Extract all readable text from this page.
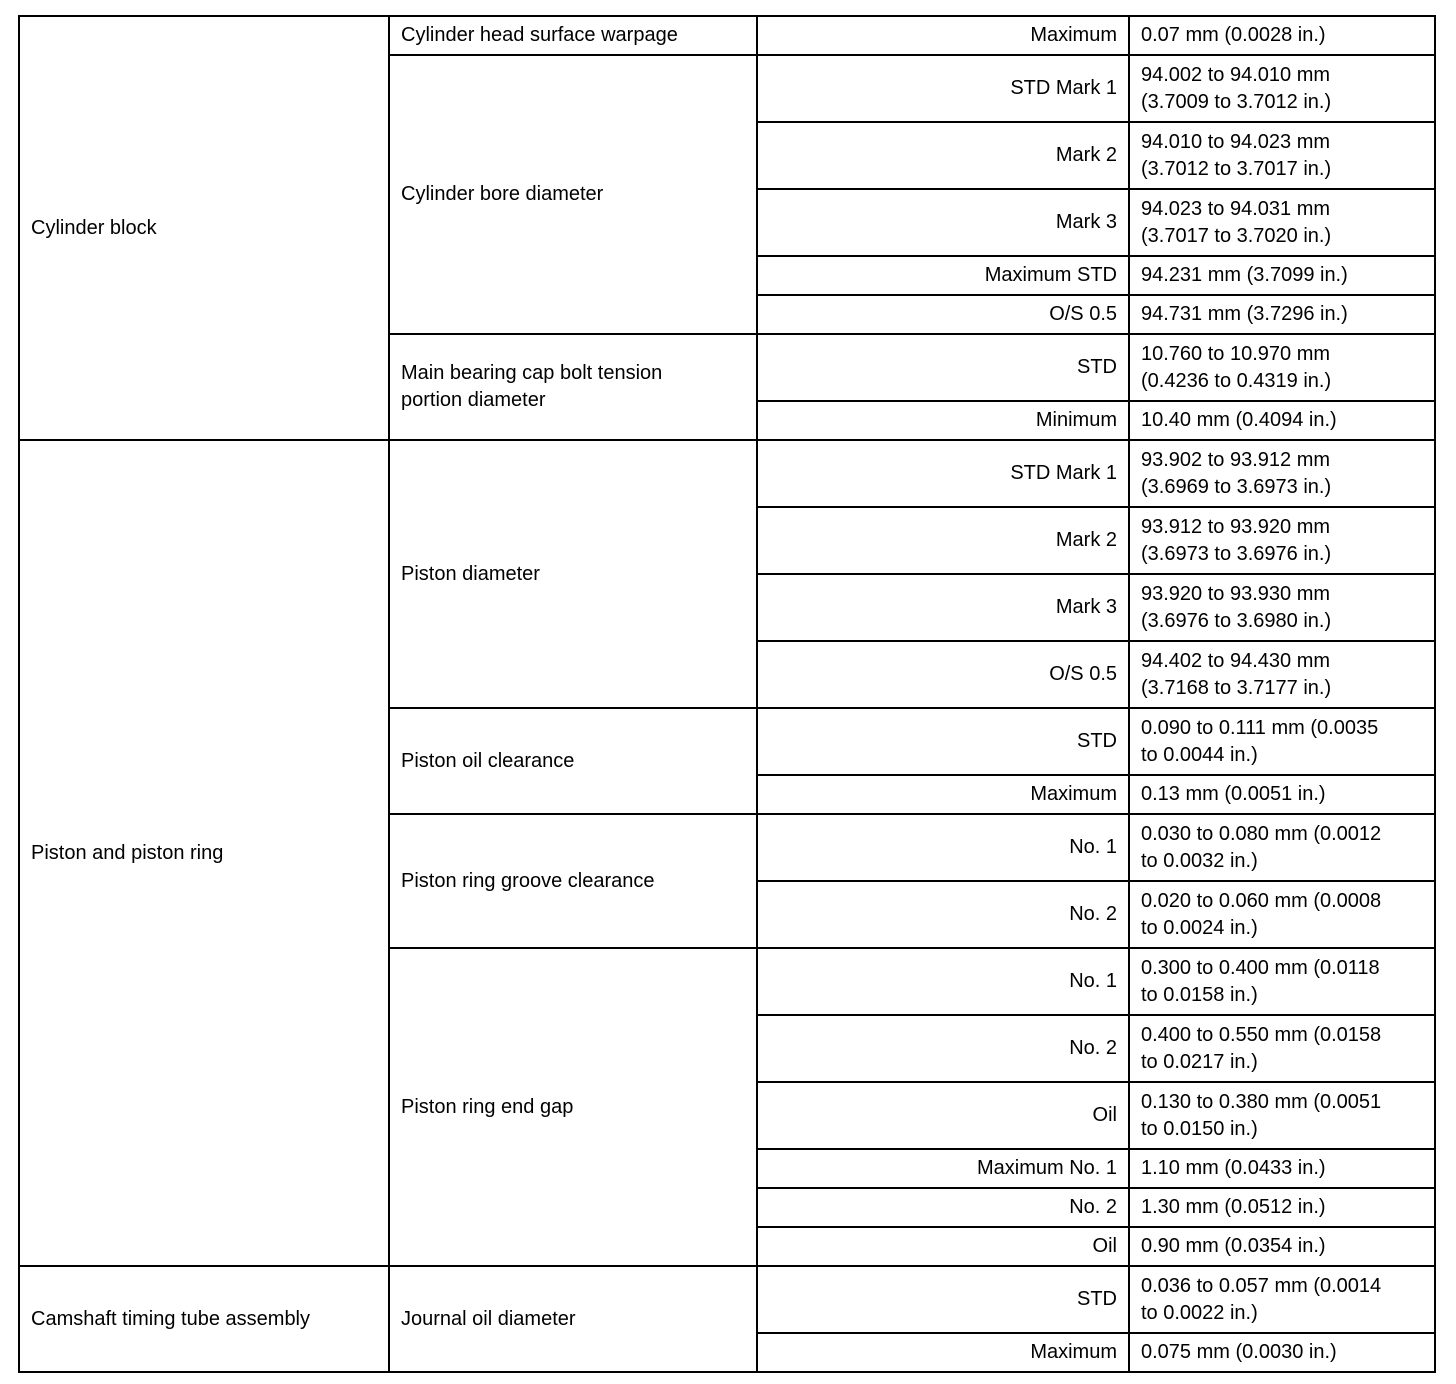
Cylinder block	Cylinder head surface warpage	Maximum	0.07 mm (0.0028 in.)
	Cylinder bore diameter	STD Mark 1	94.002 to 94.010 mm
(3.7009 to 3.7012 in.)
		Mark 2	94.010 to 94.023 mm
(3.7012 to 3.7017 in.)
		Mark 3	94.023 to 94.031 mm
(3.7017 to 3.7020 in.)
		Maximum STD	94.231 mm (3.7099 in.)
		O/S 0.5	94.731 mm (3.7296 in.)
	Main bearing cap bolt tension
portion diameter	STD	10.760 to 10.970 mm
(0.4236 to 0.4319 in.)
		Minimum	10.40 mm (0.4094 in.)
Piston and piston ring	Piston diameter	STD Mark 1	93.902 to 93.912 mm
(3.6969 to 3.6973 in.)
		Mark 2	93.912 to 93.920 mm
(3.6973 to 3.6976 in.)
		Mark 3	93.920 to 93.930 mm
(3.6976 to 3.6980 in.)
		O/S 0.5	94.402 to 94.430 mm
(3.7168 to 3.7177 in.)
	Piston oil clearance	STD	0.090 to 0.111 mm (0.0035
to 0.0044 in.)
		Maximum	0.13 mm (0.0051 in.)
	Piston ring groove clearance	No. 1	0.030 to 0.080 mm (0.0012
to 0.0032 in.)
		No. 2	0.020 to 0.060 mm (0.0008
to 0.0024 in.)
	Piston ring end gap	No. 1	0.300 to 0.400 mm (0.0118
to 0.0158 in.)
		No. 2	0.400 to 0.550 mm (0.0158
to 0.0217 in.)
		Oil	0.130 to 0.380 mm (0.0051
to 0.0150 in.)
		Maximum No. 1	1.10 mm (0.0433 in.)
		No. 2	1.30 mm (0.0512 in.)
		Oil	0.90 mm (0.0354 in.)
Camshaft timing tube assembly	Journal oil diameter	STD	0.036 to 0.057 mm (0.0014
to 0.0022 in.)
		Maximum	0.075 mm (0.0030 in.)
